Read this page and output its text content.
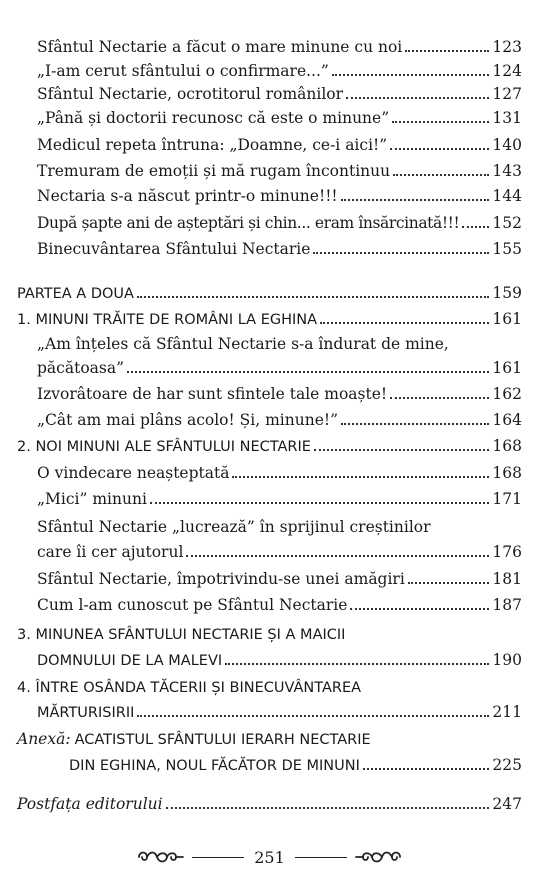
Sfântul Nectarie a făcut o mare minune cu noi	123
„I-am cerut sfântului o confirmare...”	124
Sfântul Nectarie, ocrotitorul românilor	127
„Până și doctorii recunosc că este o minune”	131
Medicul repeta întruna: „Doamne, ce-i aici!”	140
Tremuram de emoții și mă rugam încontinuu	143
Nectaria s-a născut printr-o minune!!!	144
După șapte ani de așteptări și chin... eram însărcinată!!! 152
Binecuvântarea Sfântului Nectarie	155
PARTEA A DOUA	159
1. MINUNI TRĂITE DE ROMÂNI LA EGHINA	161
„Am înțeles că Sfântul Nectarie s-a îndurat de mine,
păcătoasa”	161
Izvorâtoare de har sunt sfintele tale moaște!	162
„Cât am mai plâns acolo! Și, minune!”	164
2. NOI MINUNI ALE SFÂNTULUI NECTARIE	168
O vindecare neașteptată	168
„Mici” minuni	171
Sfântul Nectarie „lucrează” în sprijinul creștinilor
care îi cer ajutorul	176
Sfântul Nectarie, împotrivindu-se unei amăgiri	181
Cum l-am cunoscut pe Sfântul Nectarie	187
3. MINUNEA SFÂNTULUI NECTARIE ȘI A MAICII
DOMNULUI DE LA MALEVI	190
4. ÎNTRE OSÂNDA TĂCERII ȘI BINECUVÂNTAREA
MĂRTURISIRII	211
Anexă: ACATISTUL SFÂNTULUI IERARH NECTARIE
DIN EGHINA, NOUL FĂCĂTOR DE MINUNI	225
Postfața editorului	247
251
